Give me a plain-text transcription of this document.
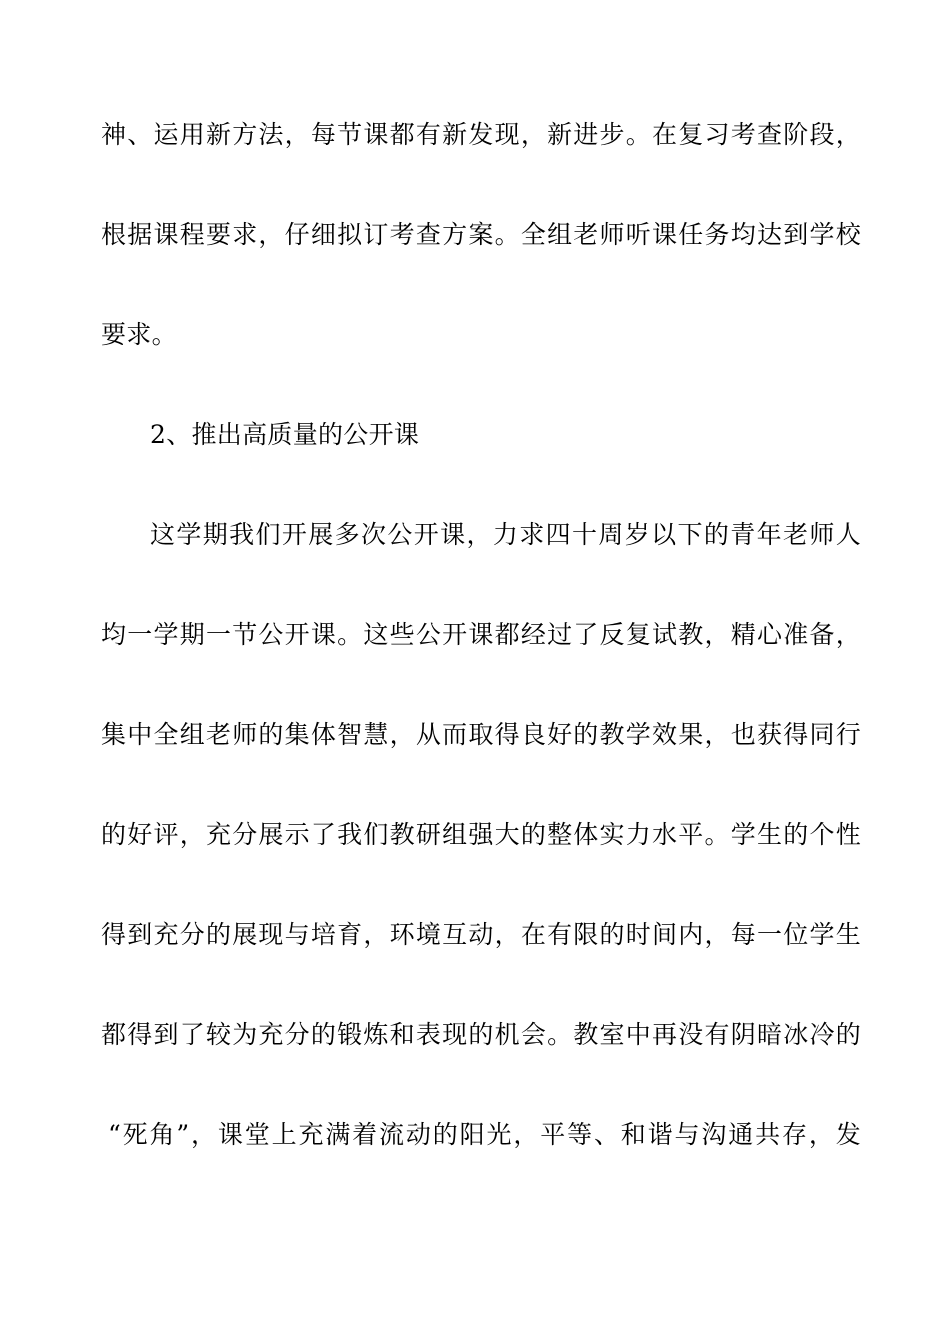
神、运用新方法，每节课都有新发现，新进步。在复习考查阶段，
根据课程要求，仔细拟订考查方案。全组老师听课任务均达到学校
要求。
2、推出高质量的公开课
这学期我们开展多次公开课，力求四十周岁以下的青年老师人
均一学期一节公开课。这些公开课都经过了反复试教，精心准备，
集中全组老师的集体智慧，从而取得良好的教学效果，也获得同行
的好评，充分展示了我们教研组强大的整体实力水平。学生的个性
得到充分的展现与培育，环境互动，在有限的时间内，每一位学生
都得到了较为充分的锻炼和表现的机会。教室中再没有阴暗冰冷的
“死角”，课堂上充满着流动的阳光，平等、和谐与沟通共存，发
